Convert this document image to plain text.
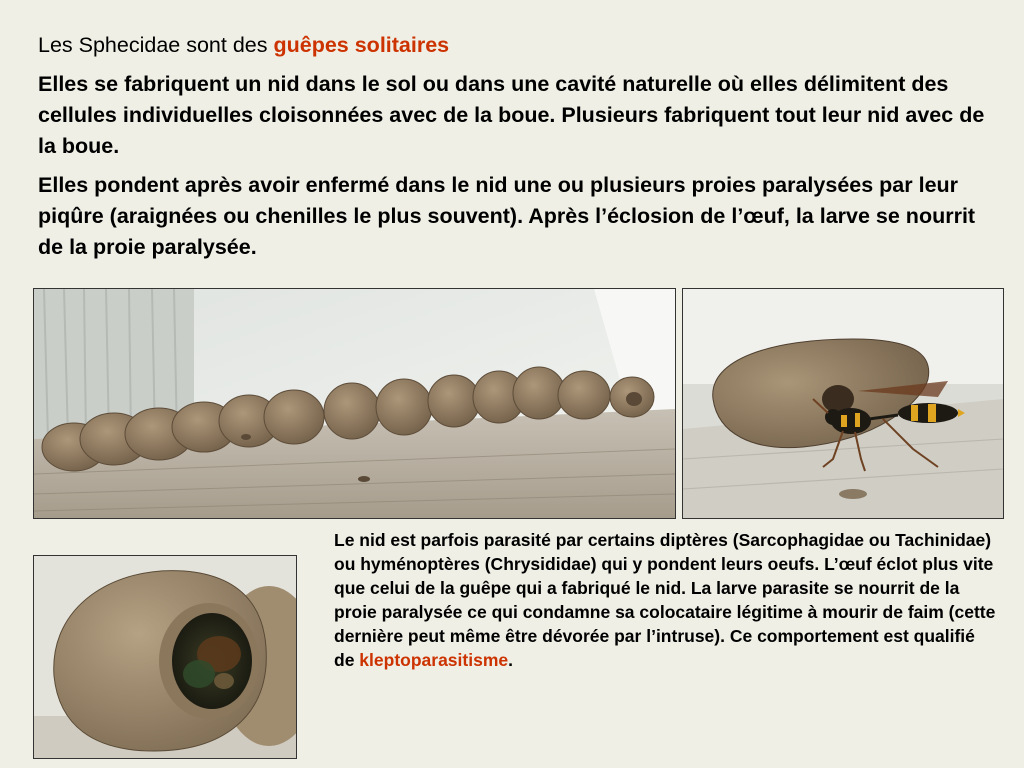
Les Sphecidae sont des guêpes solitaires

Elles se fabriquent un nid dans le sol ou dans une cavité naturelle où elles délimitent des cellules individuelles cloisonnées avec de la boue. Plusieurs fabriquent tout leur nid avec de la boue.

Elles pondent après avoir enfermé dans le nid une ou plusieurs proies paralysées par leur piqûre (araignées ou chenilles le plus souvent). Après l’éclosion de l’œuf, la larve se nourrit de la proie paralysée.

Le nid est parfois parasité par certains diptères (Sarcophagidae ou Tachinidae) ou hyménoptères (Chrysididae) qui y pondent leurs oeufs. L’œuf éclot plus vite que celui de la guêpe qui a fabriqué le nid. La larve parasite se nourrit de la proie paralysée ce qui condamne sa colocataire légitime à mourir de faim (cette dernière peut même être dévorée par l’intruse). Ce comportement est qualifié de kleptoparasitisme.
